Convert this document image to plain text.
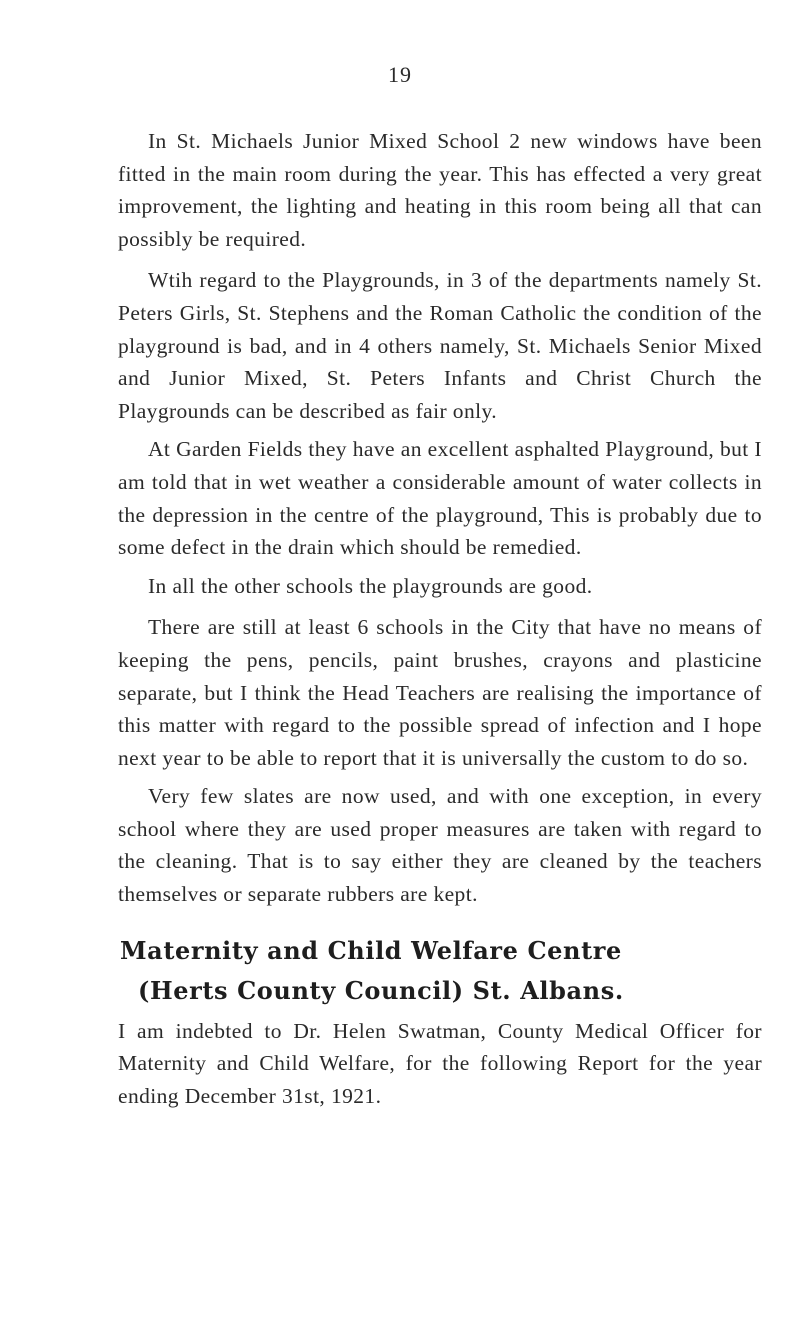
19

In St. Michaels Junior Mixed School 2 new windows have been fitted in the main room during the year. This has effected a very great improvement, the lighting and heating in this room being all that can possibly be required.

Wtih regard to the Playgrounds, in 3 of the departments namely St. Peters Girls, St. Stephens and the Roman Catholic the condition of the playground is bad, and in 4 others namely, St. Michaels Senior Mixed and Junior Mixed, St. Peters Infants and Christ Church the Playgrounds can be described as fair only.

At Garden Fields they have an excellent asphalted Playground, but I am told that in wet weather a considerable amount of water collects in the depression in the centre of the playground, This is probably due to some defect in the drain which should be remedied.

In all the other schools the playgrounds are good.

There are still at least 6 schools in the City that have no means of keeping the pens, pencils, paint brushes, crayons and plasticine separate, but I think the Head Teachers are realising the importance of this matter with regard to the possible spread of infection and I hope next year to be able to report that it is universally the custom to do so.

Very few slates are now used, and with one exception, in every school where they are used proper measures are taken with regard to the cleaning. That is to say either they are cleaned by the teachers themselves or separate rubbers are kept.

Maternity and Child Welfare Centre
(Herts County Council) St. Albans.

I am indebted to Dr. Helen Swatman, County Medical Officer for Maternity and Child Welfare, for the following Report for the year ending December 31st, 1921.
